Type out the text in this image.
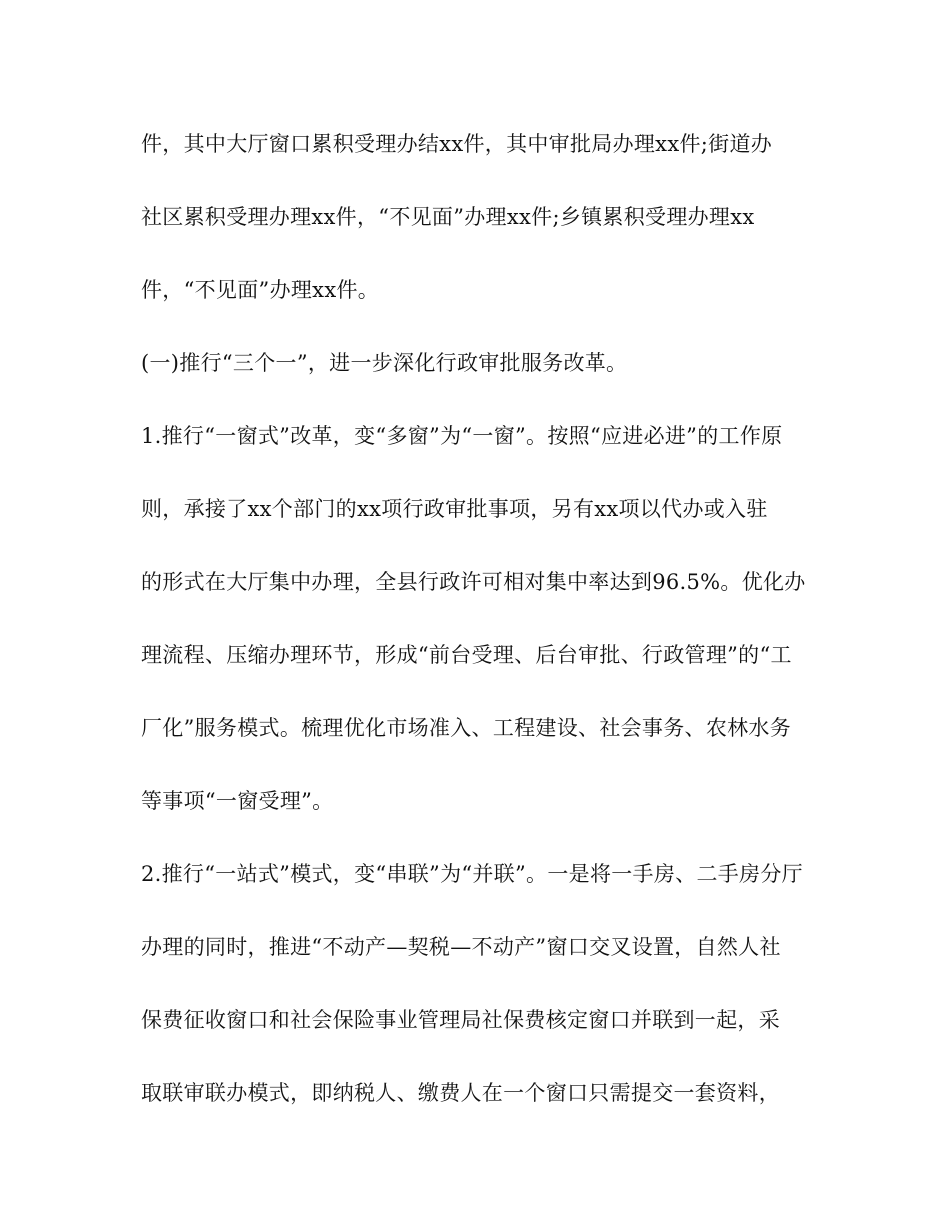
件，其中大厅窗口累积受理办结xx件，其中审批局办理xx件;街道办
社区累积受理办理xx件，“不见面”办理xx件;乡镇累积受理办理xx
件，“不见面”办理xx件。
(一)推行“三个一”，进一步深化行政审批服务改革。
1.推行“一窗式”改革，变“多窗”为“一窗”。按照“应进必进”的工作原
则，承接了xx个部门的xx项行政审批事项，另有xx项以代办或入驻
的形式在大厅集中办理，全县行政许可相对集中率达到96.5%。优化办
理流程、压缩办理环节，形成“前台受理、后台审批、行政管理”的“工
厂化”服务模式。梳理优化市场准入、工程建设、社会事务、农林水务
等事项“一窗受理”。
2.推行“一站式”模式，变“串联”为“并联”。一是将一手房、二手房分厅
办理的同时，推进“不动产—契税—不动产”窗口交叉设置，自然人社
保费征收窗口和社会保险事业管理局社保费核定窗口并联到一起，采
取联审联办模式，即纳税人、缴费人在一个窗口只需提交一套资料，
